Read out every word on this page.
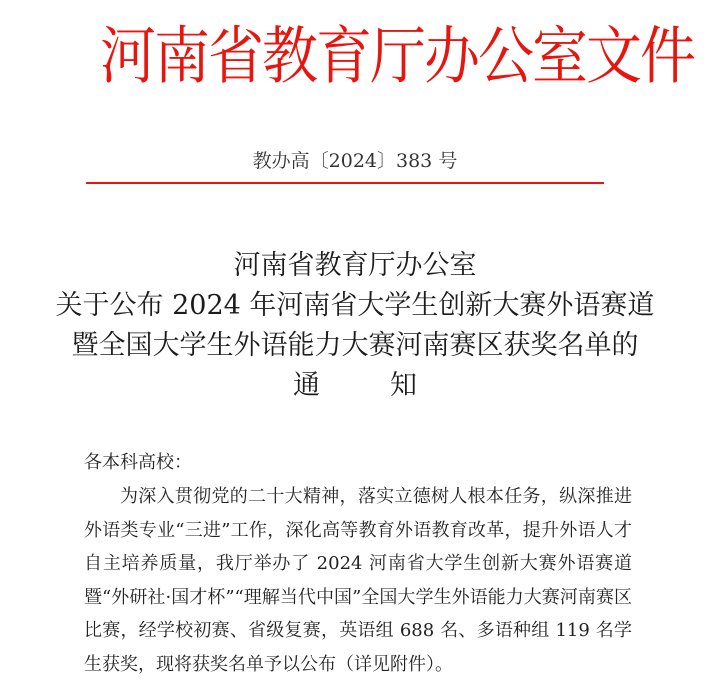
河南省教育厅办公室文件
教办高〔2024〕383 号
河南省教育厅办公室
关于公布 2024 年河南省大学生创新大赛外语赛道
暨全国大学生外语能力大赛河南赛区获奖名单的
通	知
各本科高校：

为深入贯彻党的二十大精神，落实立德树人根本任务，纵深推进外语类专业“三进”工作，深化高等教育外语教育改革，提升外语人才自主培养质量，我厅举办了 2024 河南省大学生创新大赛外语赛道暨“外研社·国才杯”“理解当代中国”全国大学生外语能力大赛河南赛区比赛，经学校初赛、省级复赛，英语组 688 名、多语种组 119 名学生获奖，现将获奖名单予以公布（详见附件）。
